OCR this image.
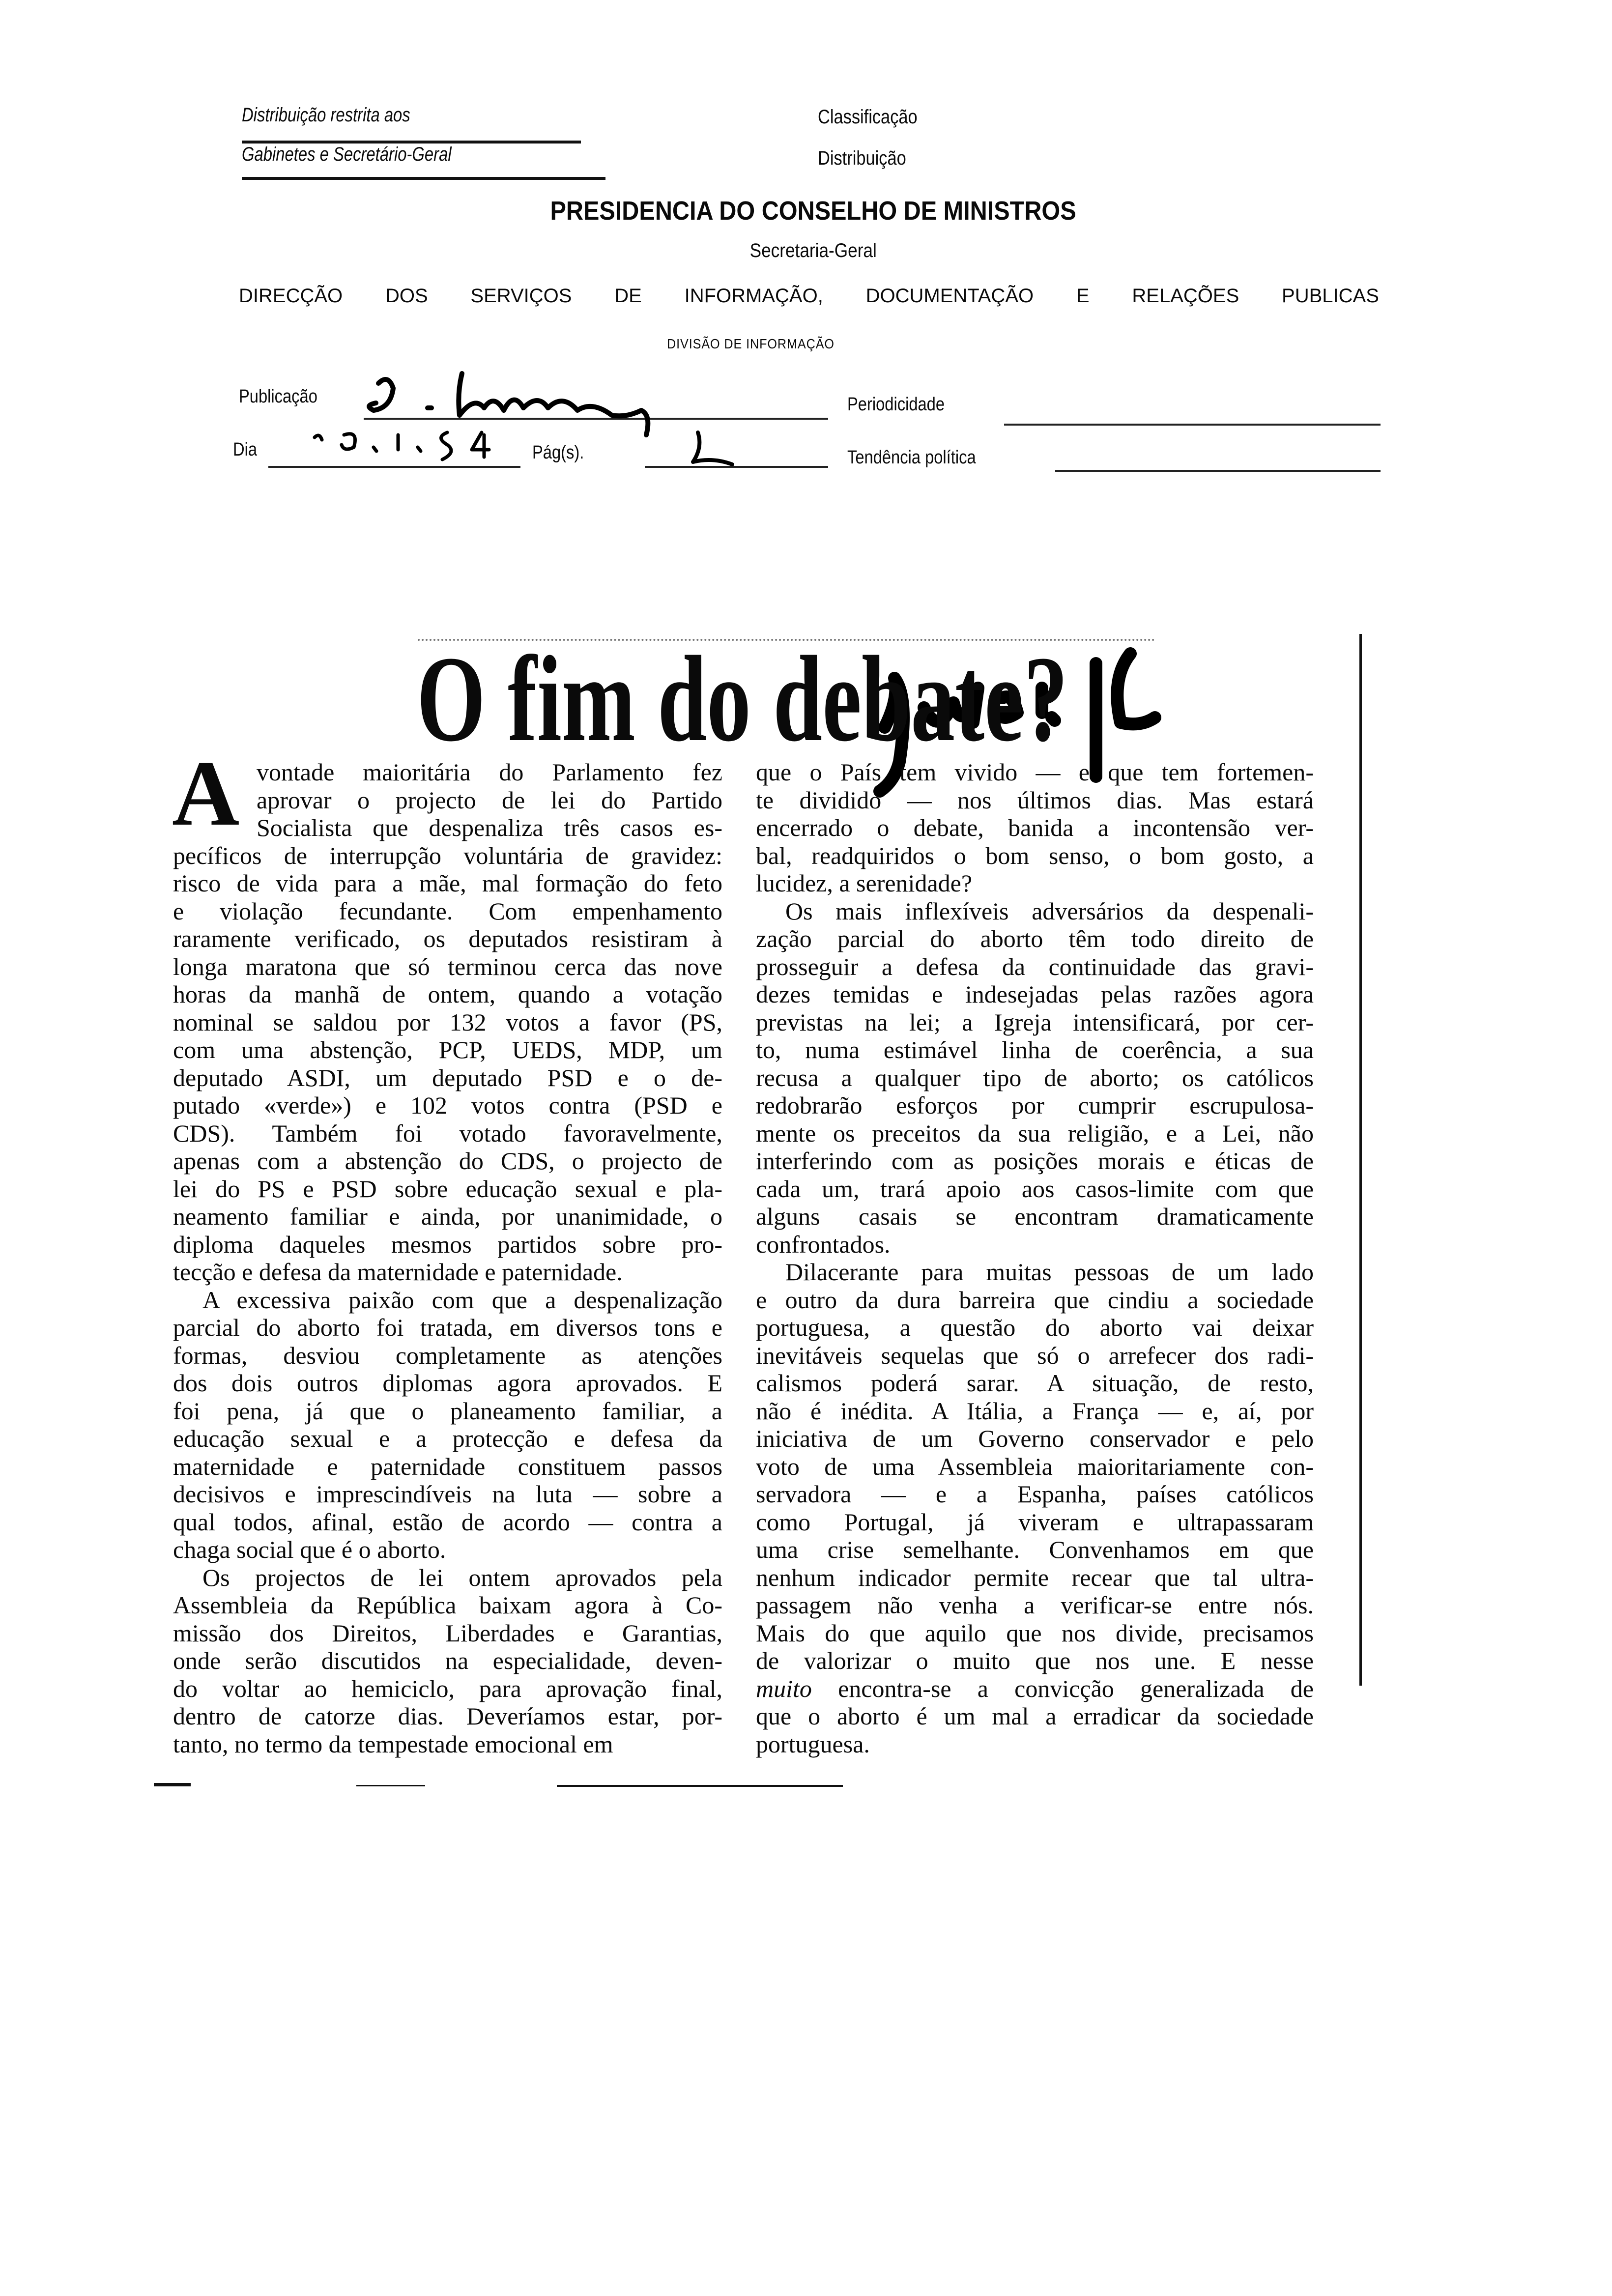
Distribuição restrita aos
Gabinetes e Secretário-Geral
Classificação
Distribuição
PRESIDENCIA DO CONSELHO DE MINISTROS
Secretaria-Geral
DIRECÇÃO DOS SERVIÇOS DE INFORMAÇÃO, DOCUMENTAÇÃO E RELAÇÕES PUBLICAS
DIVISÃO DE INFORMAÇÃO
Publicação	Periodicidade
Dia	Pág(s).	Tendência política
O fim do debate?
A vontade maioritária do Parlamento fez
aprovar o projecto de lei do Partido
Socialista que despenaliza três casos es-
pecíficos de interrupção voluntária de gravidez:
risco de vida para a mãe, mal formação do feto
e violação fecundante. Com empenhamento
raramente verificado, os deputados resistiram à
longa maratona que só terminou cerca das nove
horas da manhã de ontem, quando a votação
nominal se saldou por 132 votos a favor (PS,
com uma abstenção, PCP, UEDS, MDP, um
deputado ASDI, um deputado PSD e o de-
putado «verde») e 102 votos contra (PSD e
CDS). Também foi votado favoravelmente,
apenas com a abstenção do CDS, o projecto de
lei do PS e PSD sobre educação sexual e pla-
neamento familiar e ainda, por unanimidade, o
diploma daqueles mesmos partidos sobre pro-
tecção e defesa da maternidade e paternidade.
A excessiva paixão com que a despenalização
parcial do aborto foi tratada, em diversos tons e
formas, desviou completamente as atenções
dos dois outros diplomas agora aprovados. E
foi pena, já que o planeamento familiar, a
educação sexual e a protecção e defesa da
maternidade e paternidade constituem passos
decisivos e imprescindíveis na luta — sobre a
qual todos, afinal, estão de acordo — contra a
chaga social que é o aborto.
Os projectos de lei ontem aprovados pela
Assembleia da República baixam agora à Co-
missão dos Direitos, Liberdades e Garantias,
onde serão discutidos na especialidade, deven-
do voltar ao hemiciclo, para aprovação final,
dentro de catorze dias. Deveríamos estar, por-
tanto, no termo da tempestade emocional em
que o País tem vivido — e que tem fortemen-
te dividido — nos últimos dias. Mas estará
encerrado o debate, banida a incontensão ver-
bal, readquiridos o bom senso, o bom gosto, a
lucidez, a serenidade?
Os mais inflexíveis adversários da despenali-
zação parcial do aborto têm todo direito de
prosseguir a defesa da continuidade das gravi-
dezes temidas e indesejadas pelas razões agora
previstas na lei; a Igreja intensificará, por cer-
to, numa estimável linha de coerência, a sua
recusa a qualquer tipo de aborto; os católicos
redobrarão esforços por cumprir escrupulosa-
mente os preceitos da sua religião, e a Lei, não
interferindo com as posições morais e éticas de
cada um, trará apoio aos casos-limite com que
alguns casais se encontram dramaticamente
confrontados.
Dilacerante para muitas pessoas de um lado
e outro da dura barreira que cindiu a sociedade
portuguesa, a questão do aborto vai deixar
inevitáveis sequelas que só o arrefecer dos radi-
calismos poderá sarar. A situação, de resto,
não é inédita. A Itália, a França — e, aí, por
iniciativa de um Governo conservador e pelo
voto de uma Assembleia maioritariamente con-
servadora — e a Espanha, países católicos
como Portugal, já viveram e ultrapassaram
uma crise semelhante. Convenhamos em que
nenhum indicador permite recear que tal ultra-
passagem não venha a verificar-se entre nós.
Mais do que aquilo que nos divide, precisamos
de valorizar o muito que nos une. E nesse
muito encontra-se a convicção generalizada de
que o aborto é um mal a erradicar da sociedade
portuguesa.
